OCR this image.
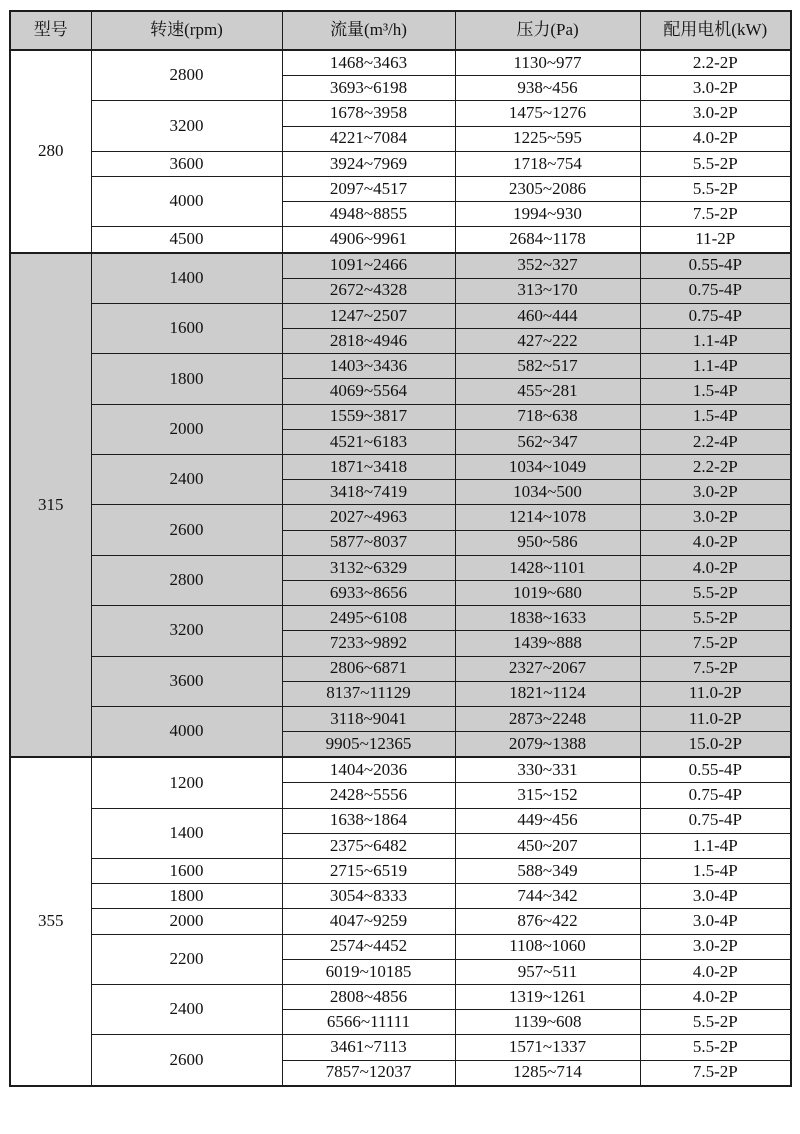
型号	转速(rpm)	流量(m³/h)	压力(Pa)	配用电机(kW)
280	2800	1468~3463	1130~977	2.2-2P
		3693~6198	938~456	3.0-2P
	3200	1678~3958	1475~1276	3.0-2P
		4221~7084	1225~595	4.0-2P
	3600	3924~7969	1718~754	5.5-2P
	4000	2097~4517	2305~2086	5.5-2P
		4948~8855	1994~930	7.5-2P
	4500	4906~9961	2684~1178	11-2P
315	1400	1091~2466	352~327	0.55-4P
		2672~4328	313~170	0.75-4P
	1600	1247~2507	460~444	0.75-4P
		2818~4946	427~222	1.1-4P
	1800	1403~3436	582~517	1.1-4P
		4069~5564	455~281	1.5-4P
	2000	1559~3817	718~638	1.5-4P
		4521~6183	562~347	2.2-4P
	2400	1871~3418	1034~1049	2.2-2P
		3418~7419	1034~500	3.0-2P
	2600	2027~4963	1214~1078	3.0-2P
		5877~8037	950~586	4.0-2P
	2800	3132~6329	1428~1101	4.0-2P
		6933~8656	1019~680	5.5-2P
	3200	2495~6108	1838~1633	5.5-2P
		7233~9892	1439~888	7.5-2P
	3600	2806~6871	2327~2067	7.5-2P
		8137~11129	1821~1124	11.0-2P
	4000	3118~9041	2873~2248	11.0-2P
		9905~12365	2079~1388	15.0-2P
355	1200	1404~2036	330~331	0.55-4P
		2428~5556	315~152	0.75-4P
	1400	1638~1864	449~456	0.75-4P
		2375~6482	450~207	1.1-4P
	1600	2715~6519	588~349	1.5-4P
	1800	3054~8333	744~342	3.0-4P
	2000	4047~9259	876~422	3.0-4P
	2200	2574~4452	1108~1060	3.0-2P
		6019~10185	957~511	4.0-2P
	2400	2808~4856	1319~1261	4.0-2P
		6566~11111	1139~608	5.5-2P
	2600	3461~7113	1571~1337	5.5-2P
		7857~12037	1285~714	7.5-2P
